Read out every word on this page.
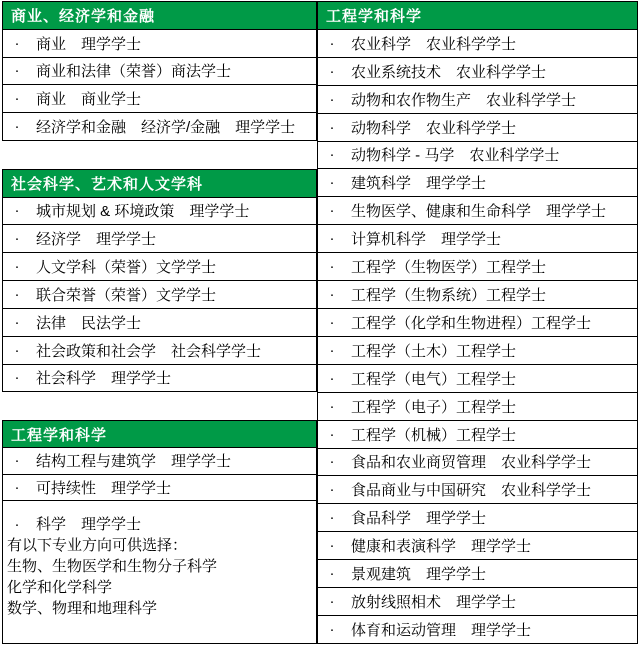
商业、经济学和金融
· 商业　理学学士
· 商业和法律（荣誉）商法学士
· 商业　商业学士
· 经济学和金融　经济学/金融　理学学士
社会科学、艺术和人文学科
· 城市规划 & 环境政策　理学学士
· 经济学　理学学士
· 人文学科（荣誉）文学学士
· 联合荣誉（荣誉）文学学士
· 法律　民法学士
· 社会政策和社会学　社会科学学士
· 社会科学　理学学士
工程学和科学
· 结构工程与建筑学　理学学士
· 可持续性　理学学士
· 科学　理学学士
有以下专业方向可供选择：
生物、生物医学和生物分子科学
化学和化学科学
数学、物理和地理科学
工程学和科学
· 农业科学　农业科学学士
· 农业系统技术　农业科学学士
· 动物和农作物生产　农业科学学士
· 动物科学　农业科学学士
· 动物科学 - 马学　农业科学学士
· 建筑科学　理学学士
· 生物医学、健康和生命科学　理学学士
· 计算机科学　理学学士
· 工程学（生物医学）工程学士
· 工程学（生物系统）工程学士
· 工程学（化学和生物进程）工程学士
· 工程学（土木）工程学士
· 工程学（电气）工程学士
· 工程学（电子）工程学士
· 工程学（机械）工程学士
· 食品和农业商贸管理　农业科学学士
· 食品商业与中国研究　农业科学学士
· 食品科学　理学学士
· 健康和表演科学　理学学士
· 景观建筑　理学学士
· 放射线照相术　理学学士
· 体育和运动管理　理学学士
